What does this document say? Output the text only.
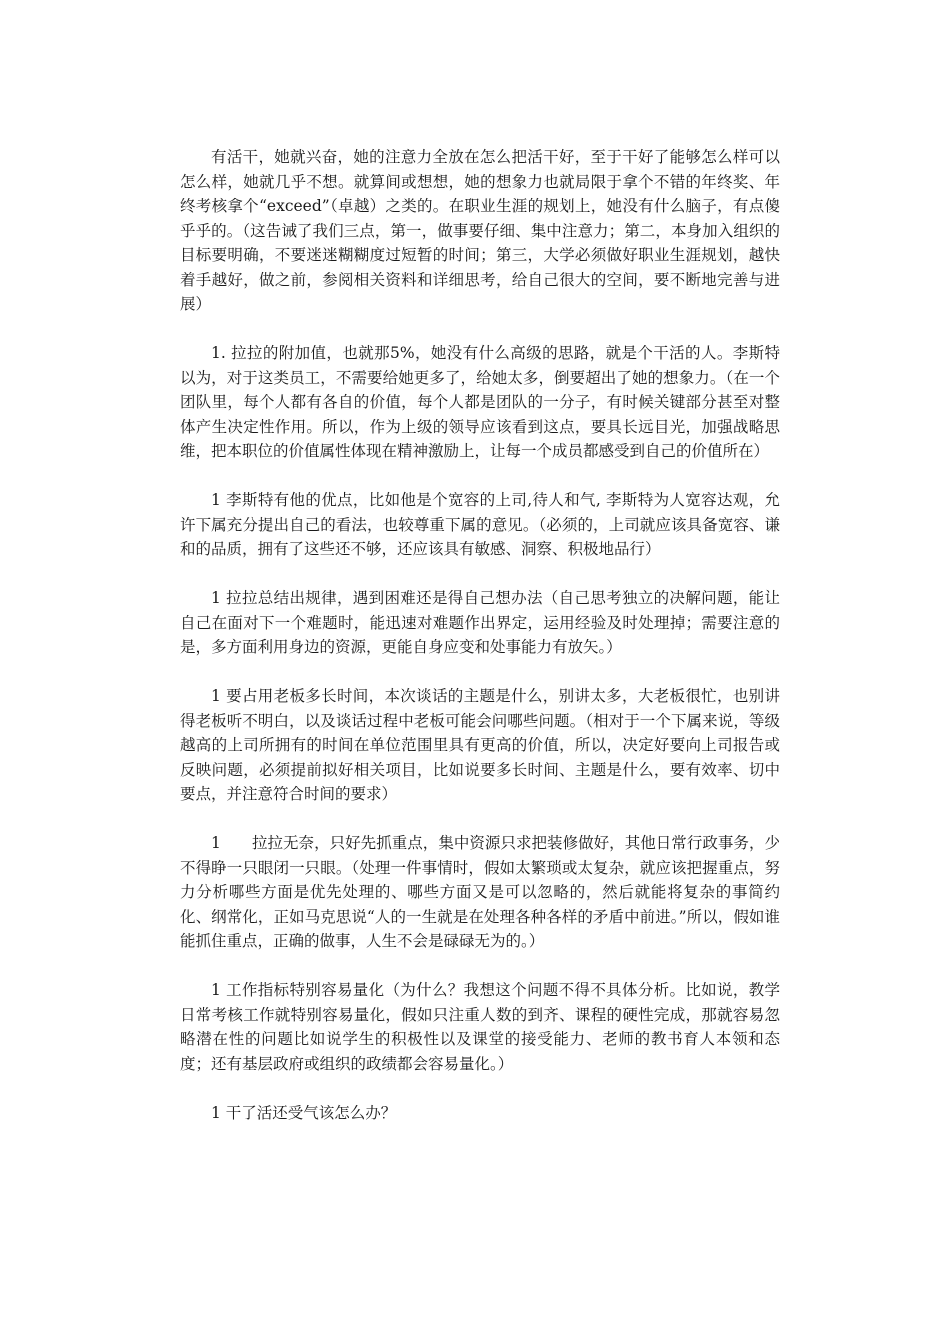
有活干，她就兴奋，她的注意力全放在怎么把活干好，至于干好了能够怎么样可以怎么样，她就几乎不想。就算间或想想，她的想象力也就局限于拿个不错的年终奖、年终考核拿个“exceed”（卓越）之类的。在职业生涯的规划上，她没有什么脑子，有点傻乎乎的。（这告诫了我们三点，第一，做事要仔细、集中注意力；第二，本身加入组织的目标要明确，不要迷迷糊糊度过短暂的时间；第三，大学必须做好职业生涯规划，越快着手越好，做之前，参阅相关资料和详细思考，给自己很大的空间，要不断地完善与进展）

1. 拉拉的附加值，也就那5%，她没有什么高级的思路，就是个干活的人。李斯特以为，对于这类员工，不需要给她更多了，给她太多，倒要超出了她的想象力。（在一个团队里，每个人都有各自的价值，每个人都是团队的一分子，有时候关键部分甚至对整体产生决定性作用。所以，作为上级的领导应该看到这点，要具长远目光，加强战略思维，把本职位的价值属性体现在精神激励上，让每一个成员都感受到自己的价值所在）

1 李斯特有他的优点，比如他是个宽容的上司,待人和气, 李斯特为人宽容达观，允许下属充分提出自己的看法，也较尊重下属的意见。（必须的，上司就应该具备宽容、谦和的品质，拥有了这些还不够，还应该具有敏感、洞察、积极地品行）

1 拉拉总结出规律，遇到困难还是得自己想办法（自己思考独立的决解问题，能让自己在面对下一个难题时，能迅速对难题作出界定，运用经验及时处理掉；需要注意的是，多方面利用身边的资源，更能自身应变和处事能力有放矢。）

1 要占用老板多长时间，本次谈话的主题是什么，别讲太多，大老板很忙，也别讲得老板听不明白，以及谈话过程中老板可能会问哪些问题。（相对于一个下属来说，等级越高的上司所拥有的时间在单位范围里具有更高的价值，所以，决定好要向上司报告或反映问题，必须提前拟好相关项目，比如说要多长时间、主题是什么，要有效率、切中要点，并注意符合时间的要求）

1　　拉拉无奈，只好先抓重点，集中资源只求把装修做好，其他日常行政事务，少不得睁一只眼闭一只眼。（处理一件事情时，假如太繁琐或太复杂，就应该把握重点，努力分析哪些方面是优先处理的、哪些方面又是可以忽略的，然后就能将复杂的事简约化、纲常化，正如马克思说“人的一生就是在处理各种各样的矛盾中前进。”所以，假如谁能抓住重点，正确的做事，人生不会是碌碌无为的。）

1 工作指标特别容易量化（为什么？我想这个问题不得不具体分析。比如说，教学日常考核工作就特别容易量化，假如只注重人数的到齐、课程的硬性完成，那就容易忽略潜在性的问题比如说学生的积极性以及课堂的接受能力、老师的教书育人本领和态度；还有基层政府或组织的政绩都会容易量化。）

1 干了活还受气该怎么办？
